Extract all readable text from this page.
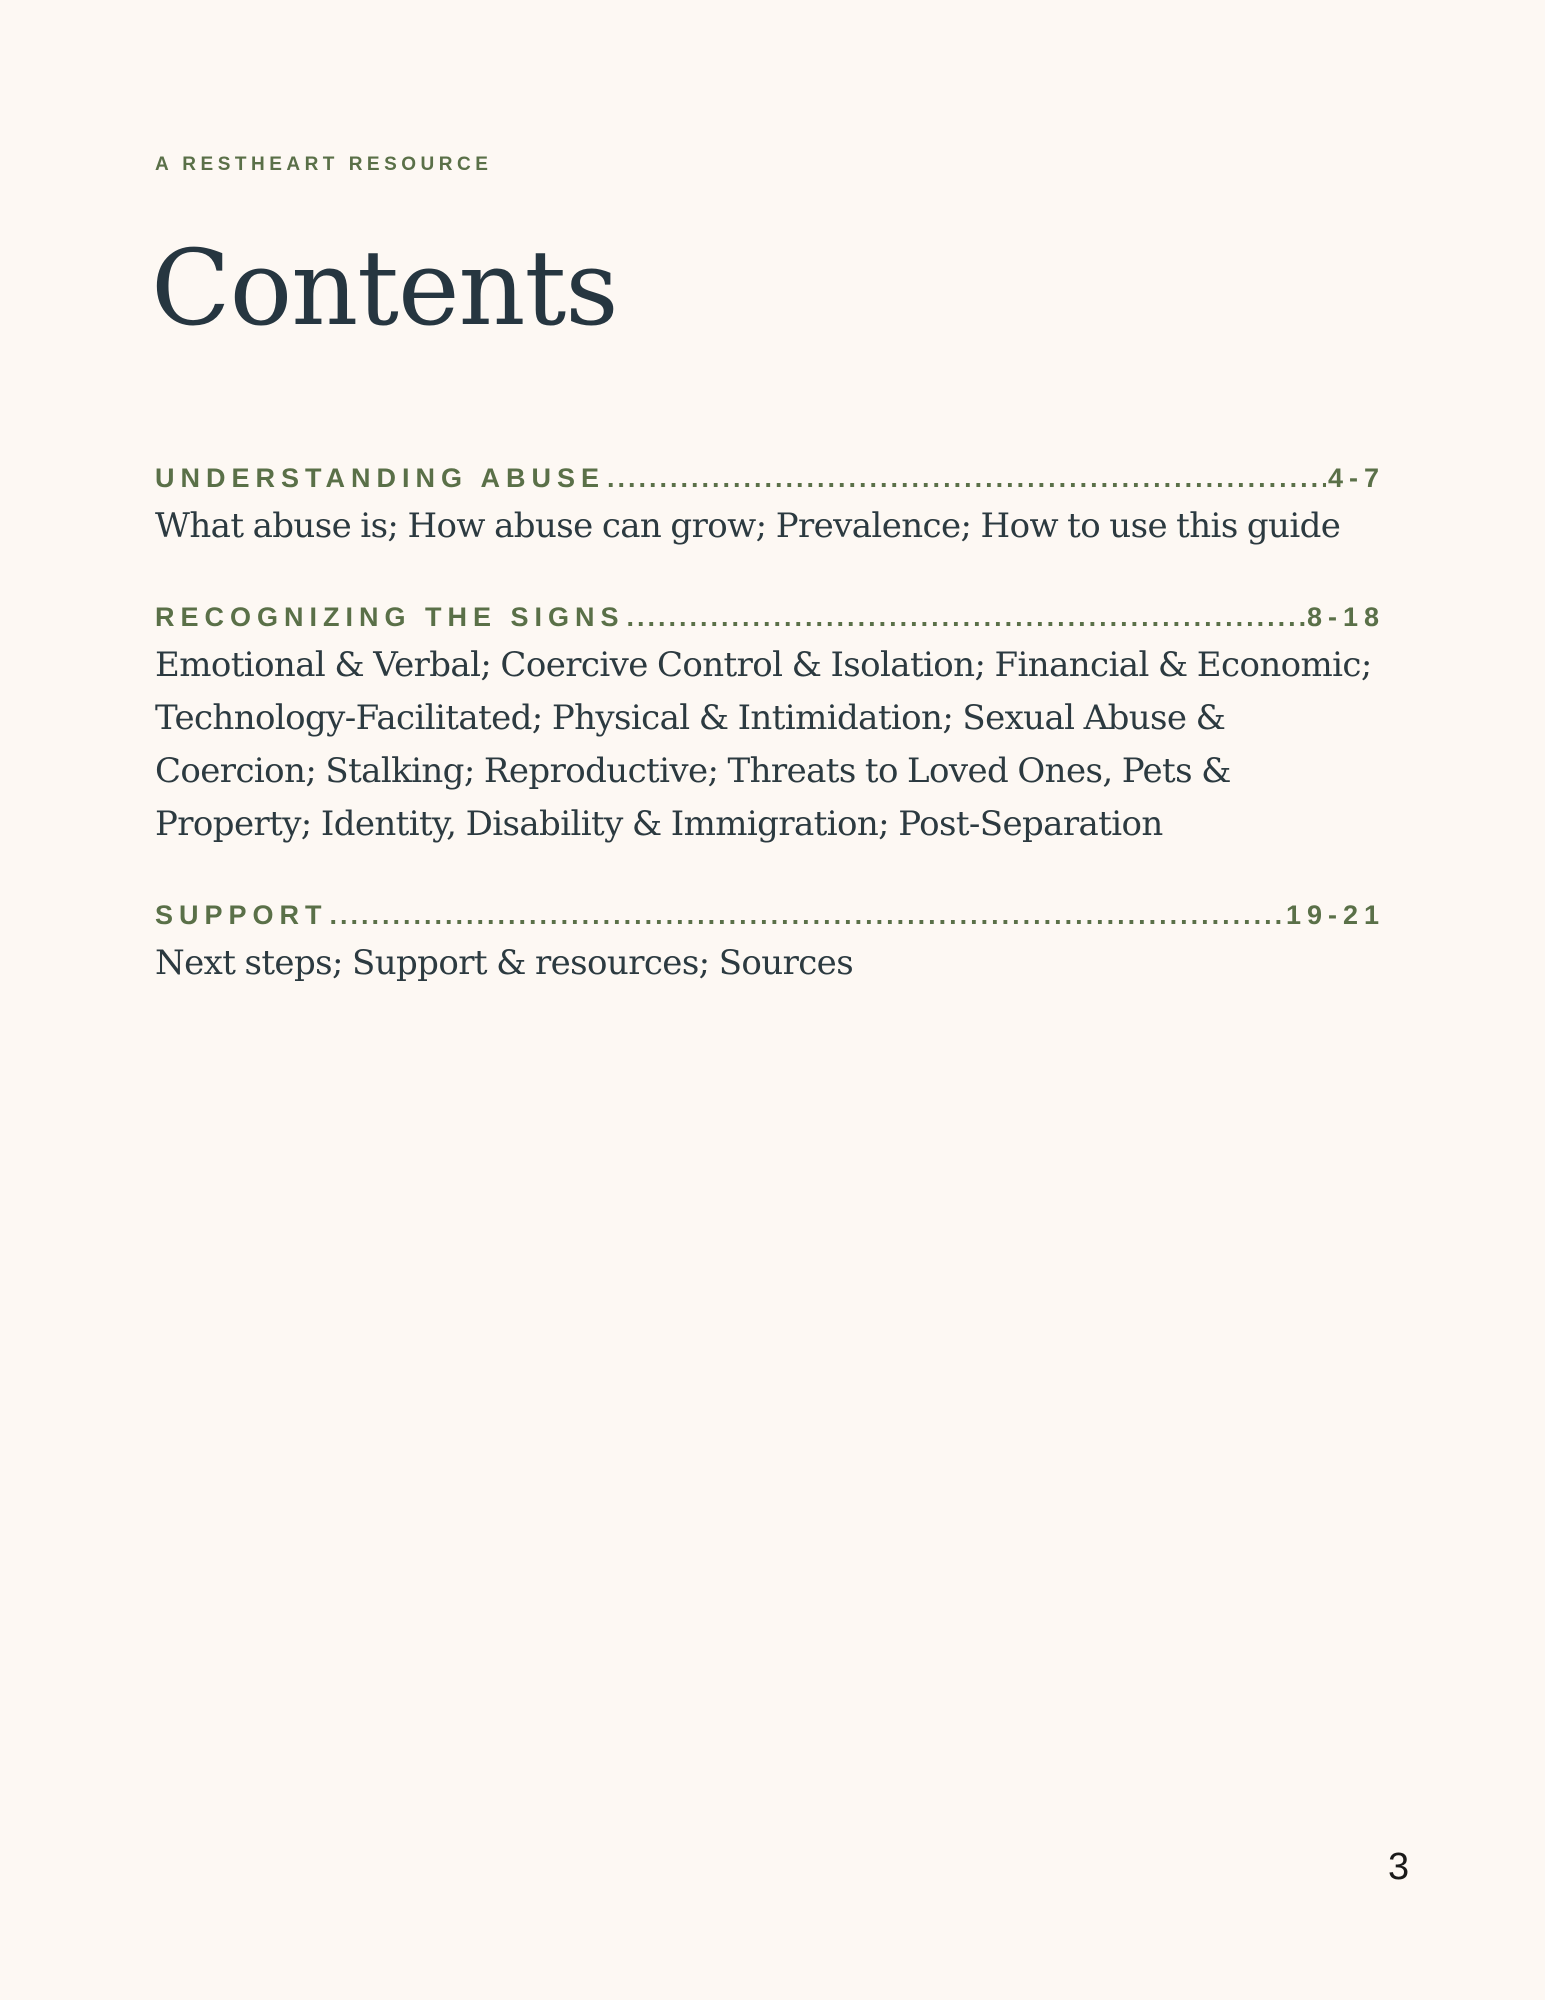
A RESTHEART RESOURCE
Contents
UNDERSTANDING ABUSE .....	4-7
What abuse is; How abuse can grow; Prevalence; How to use this guide
RECOGNIZING THE SIGNS .....	8-18
Emotional & Verbal; Coercive Control & Isolation; Financial & Economic; Technology-Facilitated; Physical & Intimidation; Sexual Abuse & Coercion; Stalking; Reproductive; Threats to Loved Ones, Pets & Property; Identity, Disability & Immigration; Post-Separation
SUPPORT .....	19-21
Next steps; Support & resources; Sources
3
